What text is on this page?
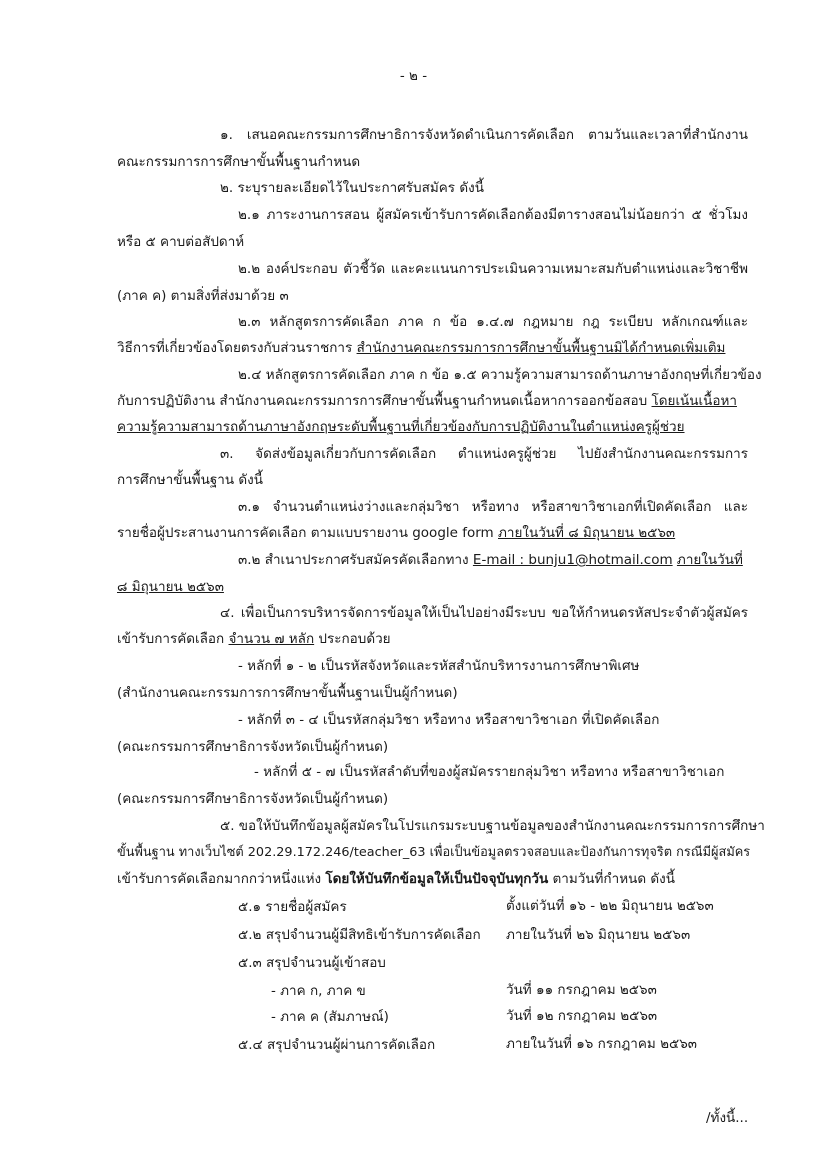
- ๒ -
๑. เสนอคณะกรรมการศึกษาธิการจังหวัดดำเนินการคัดเลือก ตามวันและเวลาที่สำนักงาน
คณะกรรมการการศึกษาขั้นพื้นฐานกำหนด
๒. ระบุรายละเอียดไว้ในประกาศรับสมัคร ดังนี้
๒.๑ ภาระงานการสอน ผู้สมัครเข้ารับการคัดเลือกต้องมีตารางสอนไม่น้อยกว่า ๕ ชั่วโมง
หรือ ๕ คาบต่อสัปดาห์
๒.๒ องค์ประกอบ ตัวชี้วัด และคะแนนการประเมินความเหมาะสมกับตำแหน่งและวิชาชีพ
(ภาค ค) ตามสิ่งที่ส่งมาด้วย ๓
๒.๓ หลักสูตรการคัดเลือก ภาค ก ข้อ ๑.๔.๗ กฎหมาย กฎ ระเบียบ หลักเกณฑ์และ
วิธีการที่เกี่ยวข้องโดยตรงกับส่วนราชการ สำนักงานคณะกรรมการการศึกษาขั้นพื้นฐานมิได้กำหนดเพิ่มเติม
๒.๔ หลักสูตรการคัดเลือก ภาค ก ข้อ ๑.๕ ความรู้ความสามารถด้านภาษาอังกฤษที่เกี่ยวข้อง
กับการปฏิบัติงาน สำนักงานคณะกรรมการการศึกษาขั้นพื้นฐานกำหนดเนื้อหาการออกข้อสอบ โดยเน้นเนื้อหา
ความรู้ความสามารถด้านภาษาอังกฤษระดับพื้นฐานที่เกี่ยวข้องกับการปฏิบัติงานในตำแหน่งครูผู้ช่วย
๓. จัดส่งข้อมูลเกี่ยวกับการคัดเลือก ตำแหน่งครูผู้ช่วย ไปยังสำนักงานคณะกรรมการ
การศึกษาขั้นพื้นฐาน ดังนี้
๓.๑ จำนวนตำแหน่งว่างและกลุ่มวิชา หรือทาง หรือสาขาวิชาเอกที่เปิดคัดเลือก และ
รายชื่อผู้ประสานงานการคัดเลือก ตามแบบรายงาน google form ภายในวันที่ ๘ มิถุนายน ๒๕๖๓
๓.๒ สำเนาประกาศรับสมัครคัดเลือกทาง E-mail : bunju1@hotmail.com ภายในวันที่
๘ มิถุนายน ๒๕๖๓
๔. เพื่อเป็นการบริหารจัดการข้อมูลให้เป็นไปอย่างมีระบบ ขอให้กำหนดรหัสประจำตัวผู้สมัคร
เข้ารับการคัดเลือก จำนวน ๗ หลัก ประกอบด้วย
- หลักที่ ๑ - ๒ เป็นรหัสจังหวัดและรหัสสำนักบริหารงานการศึกษาพิเศษ
(สำนักงานคณะกรรมการการศึกษาขั้นพื้นฐานเป็นผู้กำหนด)
- หลักที่ ๓ - ๔ เป็นรหัสกลุ่มวิชา หรือทาง หรือสาขาวิชาเอก ที่เปิดคัดเลือก
(คณะกรรมการศึกษาธิการจังหวัดเป็นผู้กำหนด)
- หลักที่ ๕ - ๗ เป็นรหัสลำดับที่ของผู้สมัครรายกลุ่มวิชา หรือทาง หรือสาขาวิชาเอก
(คณะกรรมการศึกษาธิการจังหวัดเป็นผู้กำหนด)
๕. ขอให้บันทึกข้อมูลผู้สมัครในโปรแกรมระบบฐานข้อมูลของสำนักงานคณะกรรมการการศึกษา
ขั้นพื้นฐาน ทางเว็บไซต์ 202.29.172.246/teacher_63 เพื่อเป็นข้อมูลตรวจสอบและป้องกันการทุจริต กรณีมีผู้สมัคร
เข้ารับการคัดเลือกมากกว่าหนึ่งแห่ง โดยให้บันทึกข้อมูลให้เป็นปัจจุบันทุกวัน ตามวันที่กำหนด ดังนี้
๕.๑ รายชื่อผู้สมัคร	ตั้งแต่วันที่ ๑๖ - ๒๒ มิถุนายน ๒๕๖๓
๕.๒ สรุปจำนวนผู้มีสิทธิเข้ารับการคัดเลือก ภายในวันที่ ๒๖ มิถุนายน ๒๕๖๓
๕.๓ สรุปจำนวนผู้เข้าสอบ
- ภาค ก, ภาค ข	วันที่ ๑๑ กรกฎาคม ๒๕๖๓
- ภาค ค (สัมภาษณ์)	วันที่ ๑๒ กรกฎาคม ๒๕๖๓
๕.๔ สรุปจำนวนผู้ผ่านการคัดเลือก	ภายในวันที่ ๑๖ กรกฎาคม ๒๕๖๓
/ทั้งนี้...
